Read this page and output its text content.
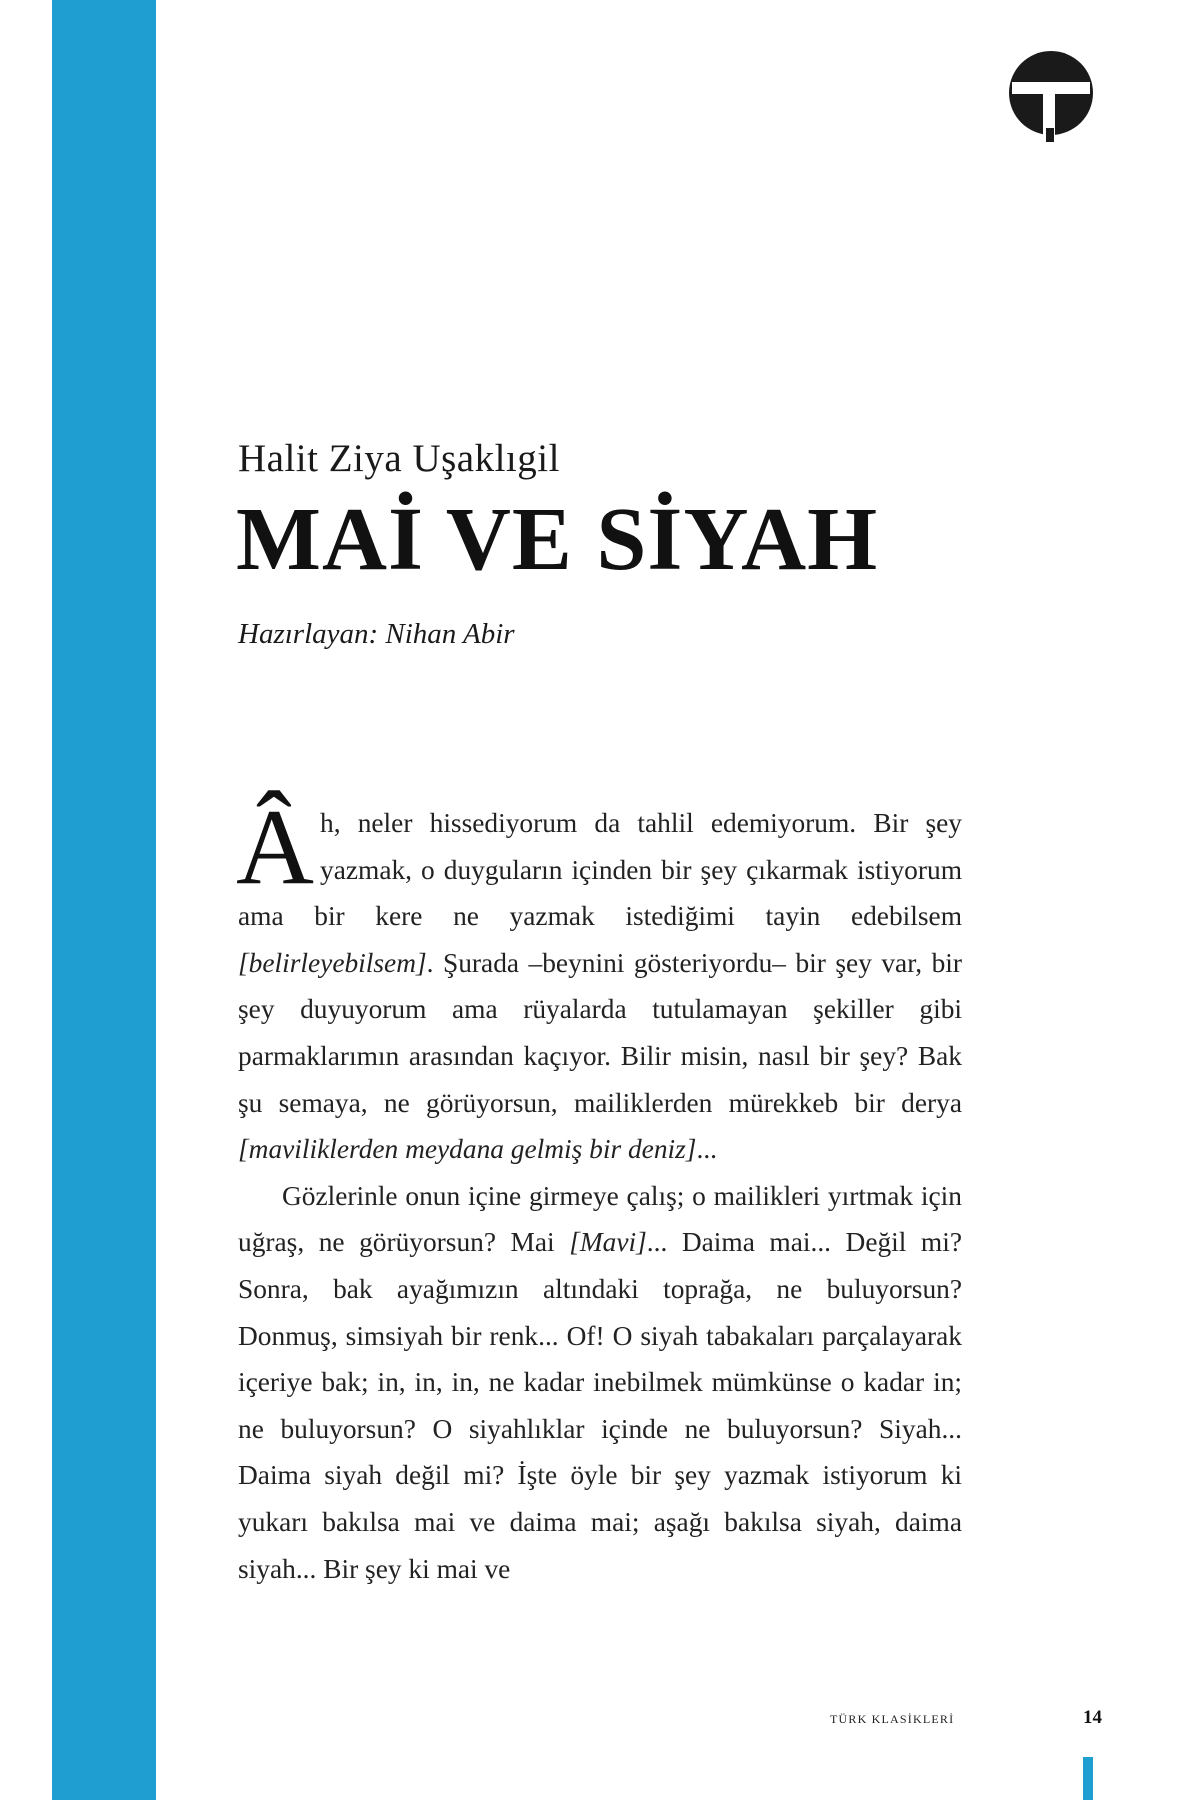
Halit Ziya Uşaklıgil
MAİ VE SİYAH
Hazırlayan: Nihan Abir

Âh, neler hissediyorum da tahlil edemiyorum. Bir şey yazmak, o duyguların içinden bir şey çıkarmak istiyorum ama bir kere ne yazmak istediğimi tayin edebilsem [belirleyebilsem]. Şurada –beynini gösteriyordu– bir şey var, bir şey duyuyorum ama rüyalarda tutulamayan şekiller gibi parmaklarımın arasından kaçıyor. Bilir misin, nasıl bir şey? Bak şu semaya, ne görüyorsun, mailiklerden mürekkeb bir derya [maviliklerden meydana gelmiş bir deniz]...

Gözlerinle onun içine girmeye çalış; o mailikleri yırtmak için uğraş, ne görüyorsun? Mai [Mavi]... Daima mai... Değil mi? Sonra, bak ayağımızın altındaki toprağa, ne buluyorsun? Donmuş, simsiyah bir renk... Of! O siyah tabakaları parçalayarak içeriye bak; in, in, in, ne kadar inebilmek mümkünse o kadar in; ne buluyorsun? O siyahlıklar içinde ne buluyorsun? Siyah... Daima siyah değil mi? İşte öyle bir şey yazmak istiyorum ki yukarı bakılsa mai ve daima mai; aşağı bakılsa siyah, daima siyah... Bir şey ki mai ve

TÜRK KLASİKLERİ	14
